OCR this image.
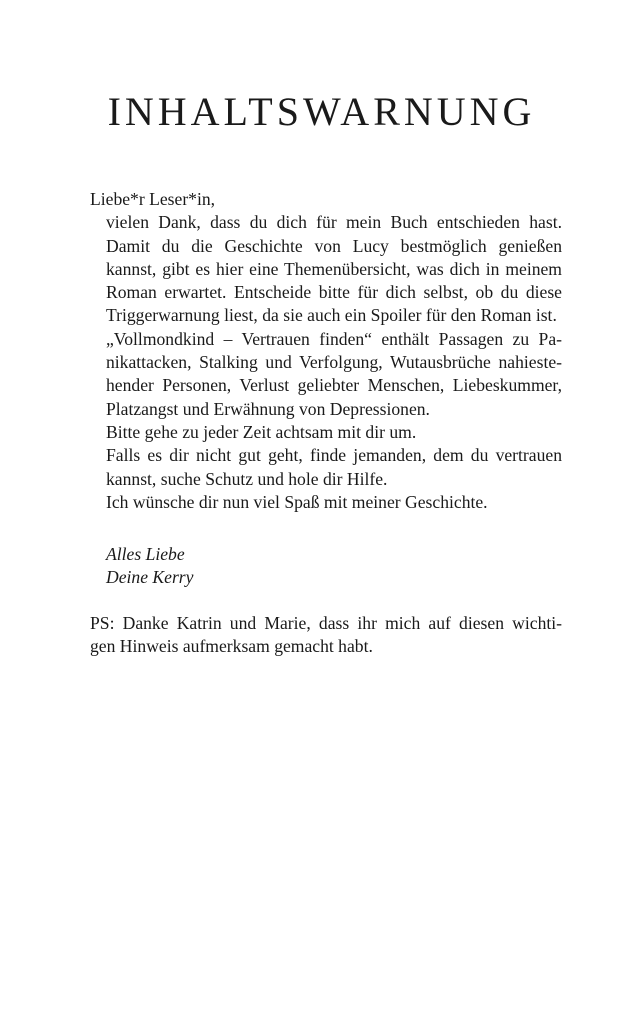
INHALTSWARNUNG

Liebe*r Leser*in,

vielen Dank, dass du dich für mein Buch entschieden hast.
Damit du die Geschichte von Lucy bestmöglich genießen
kannst, gibt es hier eine Themenübersicht, was dich in meinem
Roman erwartet. Entscheide bitte für dich selbst, ob du diese
Triggerwarnung liest, da sie auch ein Spoiler für den Roman ist.

„Vollmondkind – Vertrauen finden“ enthält Passagen zu Pa-
nikattacken, Stalking und Verfolgung, Wutausbrüche nahieste-
hender Personen, Verlust geliebter Menschen, Liebeskummer,
Platzangst und Erwähnung von Depressionen.

Bitte gehe zu jeder Zeit achtsam mit dir um.

Falls es dir nicht gut geht, finde jemanden, dem du vertrauen
kannst, suche Schutz und hole dir Hilfe.

Ich wünsche dir nun viel Spaß mit meiner Geschichte.

Alles Liebe
Deine Kerry
PS: Danke Katrin und Marie, dass ihr mich auf diesen wichti-
gen Hinweis aufmerksam gemacht habt.
